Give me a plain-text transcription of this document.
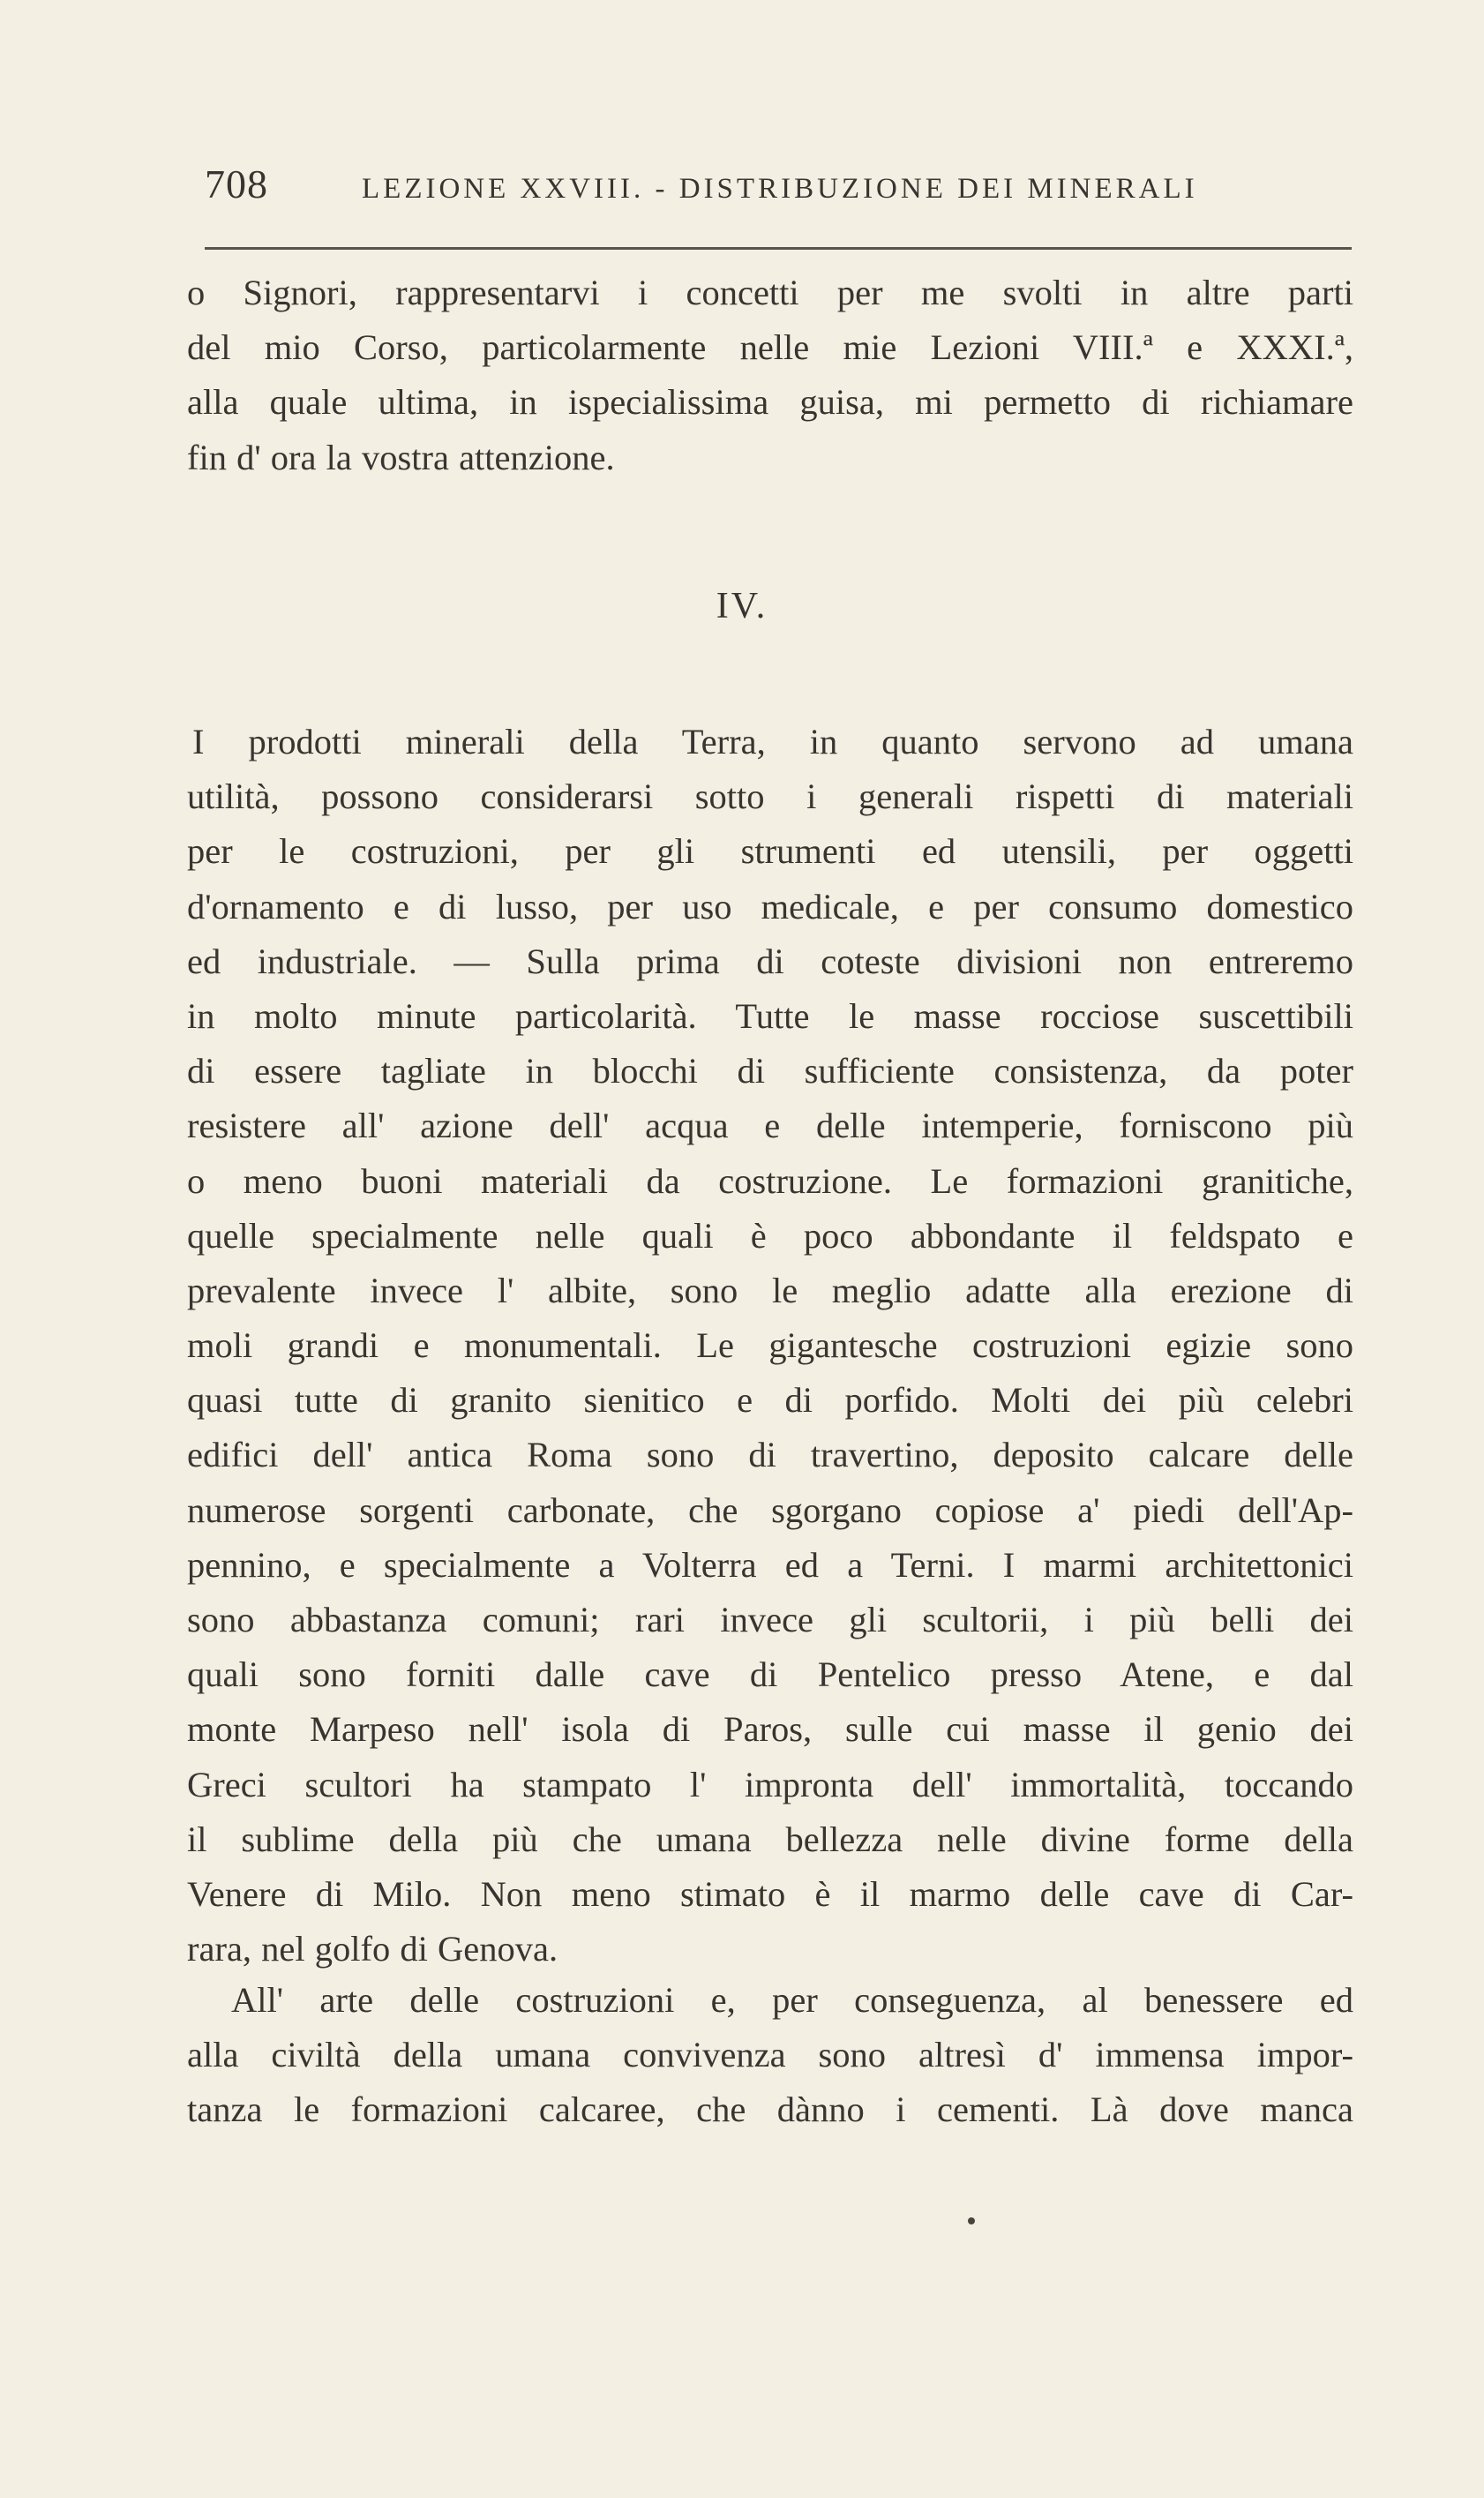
708	LEZIONE XXVIII. - DISTRIBUZIONE DEI MINERALI
o Signori, rappresentarvi i concetti per me svolti in altre parti
del mio Corso, particolarmente nelle mie Lezioni VIII.ª e XXXI.ª,
alla quale ultima, in ispecialissima guisa, mi permetto di richiamare
fin d' ora la vostra attenzione.
IV.
I prodotti minerali della Terra, in quanto servono ad umana
utilità, possono considerarsi sotto i generali rispetti di materiali
per le costruzioni, per gli strumenti ed utensili, per oggetti
d'ornamento e di lusso, per uso medicale, e per consumo domestico
ed industriale. — Sulla prima di coteste divisioni non entreremo
in molto minute particolarità. Tutte le masse rocciose suscettibili
di essere tagliate in blocchi di sufficiente consistenza, da poter
resistere all' azione dell' acqua e delle intemperie, forniscono più
o meno buoni materiali da costruzione. Le formazioni granitiche,
quelle specialmente nelle quali è poco abbondante il feldspato e
prevalente invece l' albite, sono le meglio adatte alla erezione di
moli grandi e monumentali. Le gigantesche costruzioni egizie sono
quasi tutte di granito sienitico e di porfido. Molti dei più celebri
edifici dell' antica Roma sono di travertino, deposito calcare delle
numerose sorgenti carbonate, che sgorgano copiose a' piedi dell'Ap-
pennino, e specialmente a Volterra ed a Terni. I marmi architettonici
sono abbastanza comuni; rari invece gli scultorii, i più belli dei
quali sono forniti dalle cave di Pentelico presso Atene, e dal
monte Marpeso nell' isola di Paros, sulle cui masse il genio dei
Greci scultori ha stampato l' impronta dell' immortalità, toccando
il sublime della più che umana bellezza nelle divine forme della
Venere di Milo. Non meno stimato è il marmo delle cave di Car-
rara, nel golfo di Genova.
All' arte delle costruzioni e, per conseguenza, al benessere ed
alla civiltà della umana convivenza sono altresì d' immensa impor-
tanza le formazioni calcaree, che dànno i cementi. Là dove manca
